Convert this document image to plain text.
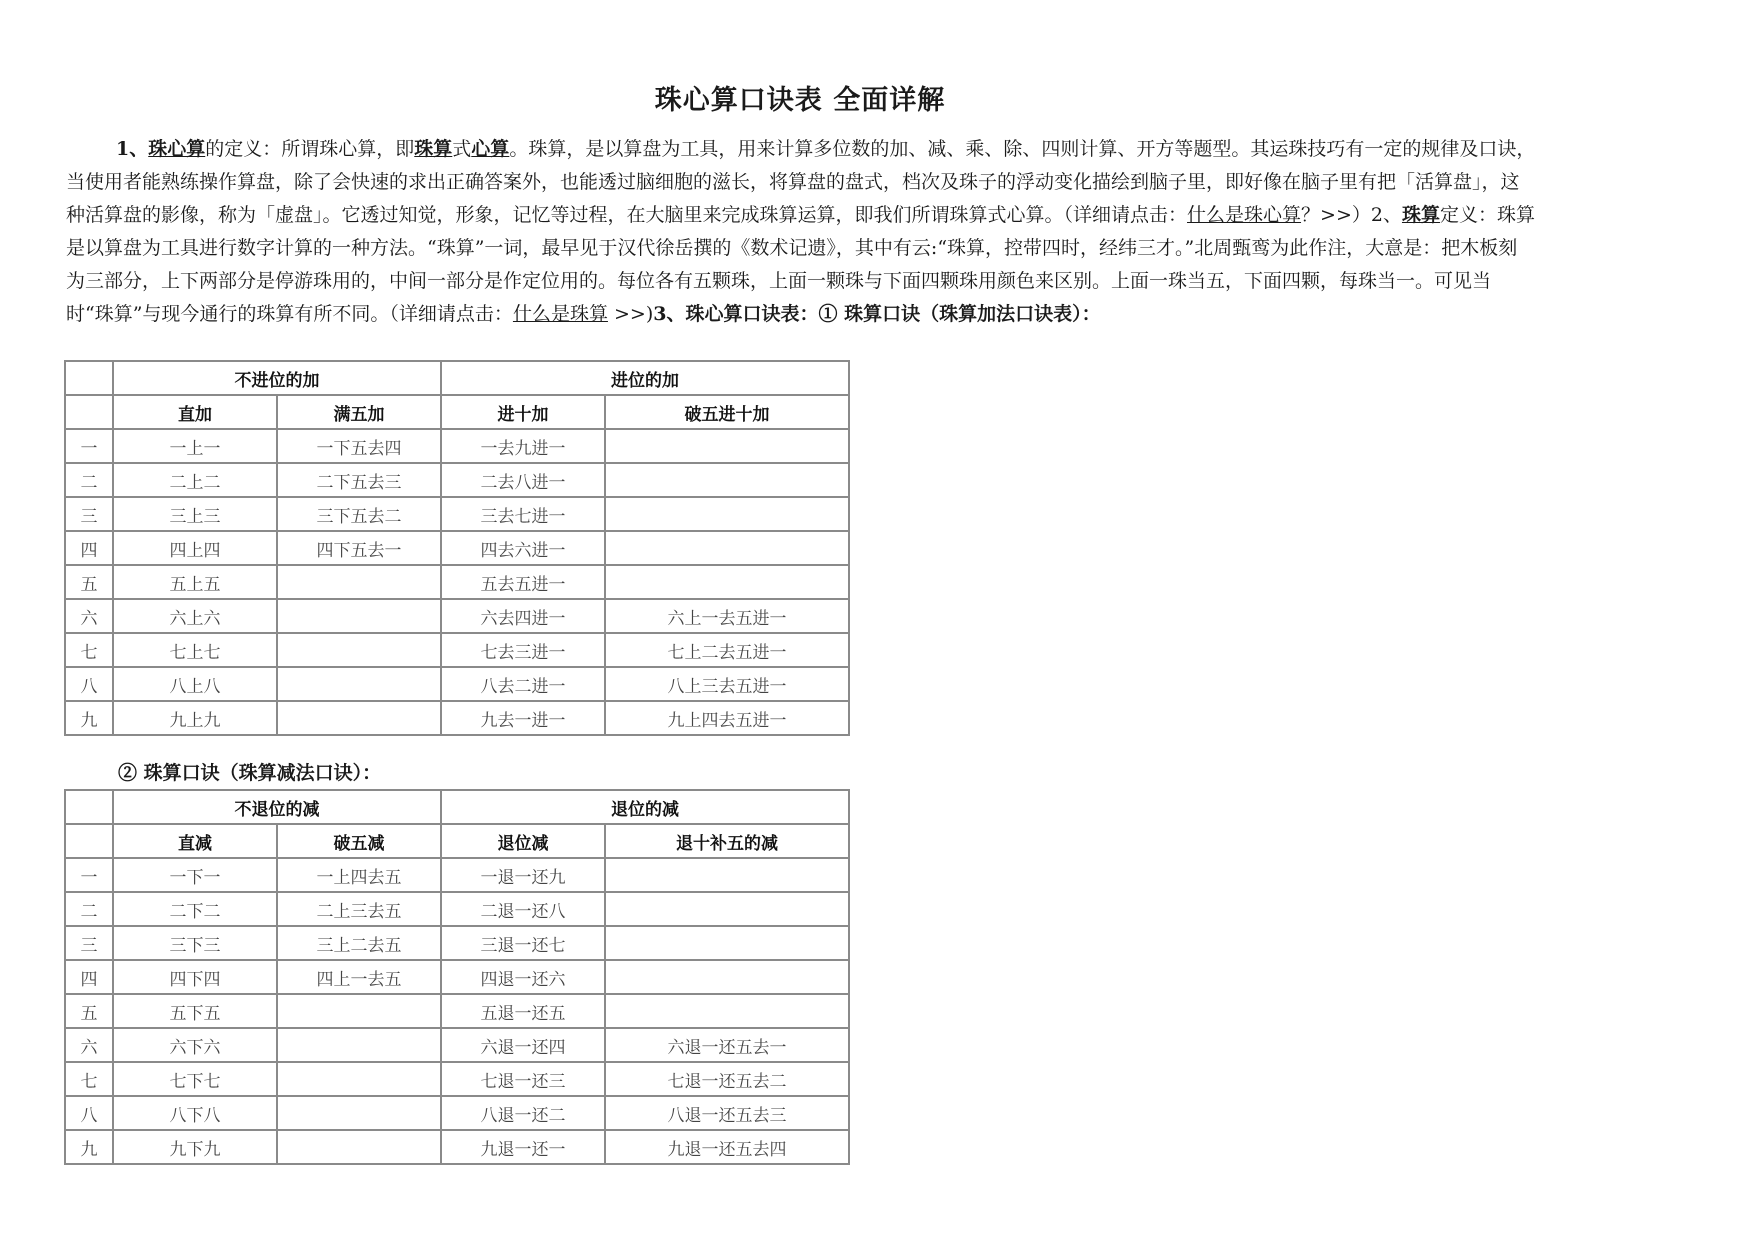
珠心算口诀表 全面详解

1、珠心算的定义：所谓珠心算，即珠算式心算。珠算，是以算盘为工具，用来计算多位数的加、减、乘、除、四则计算、开方等题型。其运珠技巧有一定的规律及口诀，当使用者能熟练操作算盘，除了会快速的求出正确答案外，也能透过脑细胞的滋长，将算盘的盘式，档次及珠子的浮动变化描绘到脑子里，即好像在脑子里有把「活算盘」，这种活算盘的影像，称为「虚盘」。它透过知觉，形象，记忆等过程，在大脑里来完成珠算运算，即我们所谓珠算式心算。（详细请点击：什么是珠心算？>>）2、珠算定义：珠算是以算盘为工具进行数字计算的一种方法。“珠算”一词，最早见于汉代徐岳撰的《数术记遗》，其中有云:“珠算，控带四时，经纬三才。”北周甄鸾为此作注，大意是：把木板刻为三部分，上下两部分是停游珠用的，中间一部分是作定位用的。每位各有五颗珠，上面一颗珠与下面四颗珠用颜色来区别。上面一珠当五，下面四颗，每珠当一。可见当时“珠算”与现今通行的珠算有所不同。（详细请点击：什么是珠算 >>)3、珠心算口诀表：① 珠算口诀（珠算加法口诀表）：

	不进位的加		进位的加	
	直加	满五加	进十加	破五进十加
一	一上一	一下五去四	一去九进一	
二	二上二	二下五去三	二去八进一	
三	三上三	三下五去二	三去七进一	
四	四上四	四下五去一	四去六进一	
五	五上五		五去五进一	
六	六上六		六去四进一	六上一去五进一
七	七上七		七去三进一	七上二去五进一
八	八上八		八去二进一	八上三去五进一
九	九上九		九去一进一	九上四去五进一
② 珠算口诀（珠算减法口诀）：
	不退位的减		退位的减	
	直减	破五减	退位减	退十补五的减
一	一下一	一上四去五	一退一还九	
二	二下二	二上三去五	二退一还八	
三	三下三	三上二去五	三退一还七	
四	四下四	四上一去五	四退一还六	
五	五下五		五退一还五	
六	六下六		六退一还四	六退一还五去一
七	七下七		七退一还三	七退一还五去二
八	八下八		八退一还二	八退一还五去三
九	九下九		九退一还一	九退一还五去四
